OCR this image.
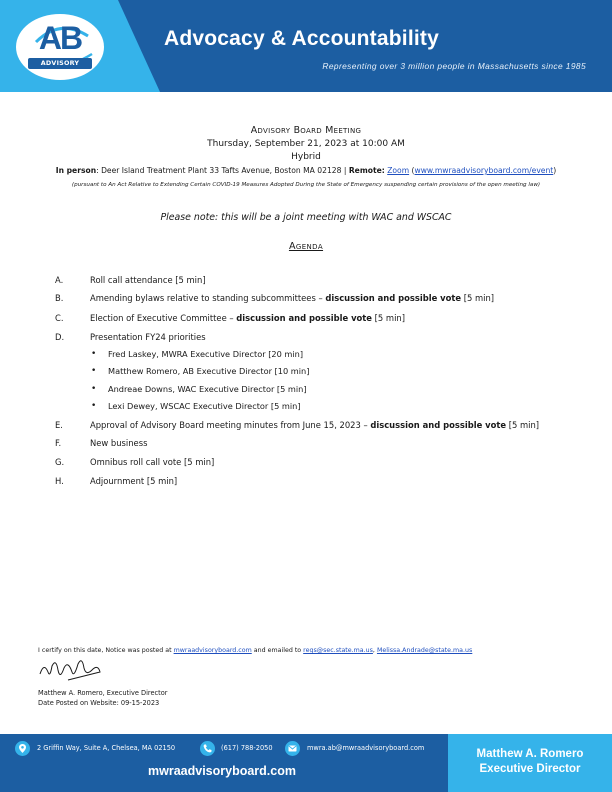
AB
ADVISORY BOARD
Advocacy & Accountability
Representing over 3 million people in Massachusetts since 1985
Advisory Board Meeting
Thursday, September 21, 2023 at 10:00 AM
Hybrid
In person: Deer Island Treatment Plant 33 Tafts Avenue, Boston MA 02128 | Remote: Zoom (www.mwraadvisoryboard.com/event)
(pursuant to An Act Relative to Extending Certain COVID-19 Measures Adopted During the State of Emergency suspending certain provisions of the open meeting law)
Please note: this will be a joint meeting with WAC and WSCAC
Agenda
A.	Roll call attendance [5 min]
B.	Amending bylaws relative to standing subcommittees – discussion and possible vote [5 min]
C.	Election of Executive Committee – discussion and possible vote [5 min]
D.	Presentation FY24 priorities
• Fred Laskey, MWRA Executive Director [20 min]
• Matthew Romero, AB Executive Director [10 min]
• Andreae Downs, WAC Executive Director [5 min]
• Lexi Dewey, WSCAC Executive Director [5 min]
E.	Approval of Advisory Board meeting minutes from June 15, 2023 – discussion and possible vote [5 min]
F.	New business
G.	Omnibus roll call vote [5 min]
H.	Adjournment [5 min]
I certify on this date, Notice was posted at mwraadvisoryboard.com and emailed to regs@sec.state.ma.us, Melissa.Andrade@state.ma.us
Matthew A. Romero, Executive Director
Date Posted on Website: 09-15-2023
2 Griffin Way, Suite A, Chelsea, MA 02150	(617) 788-2050	mwra.ab@mwraadvisoryboard.com
mwraadvisoryboard.com
Matthew A. Romero
Executive Director
